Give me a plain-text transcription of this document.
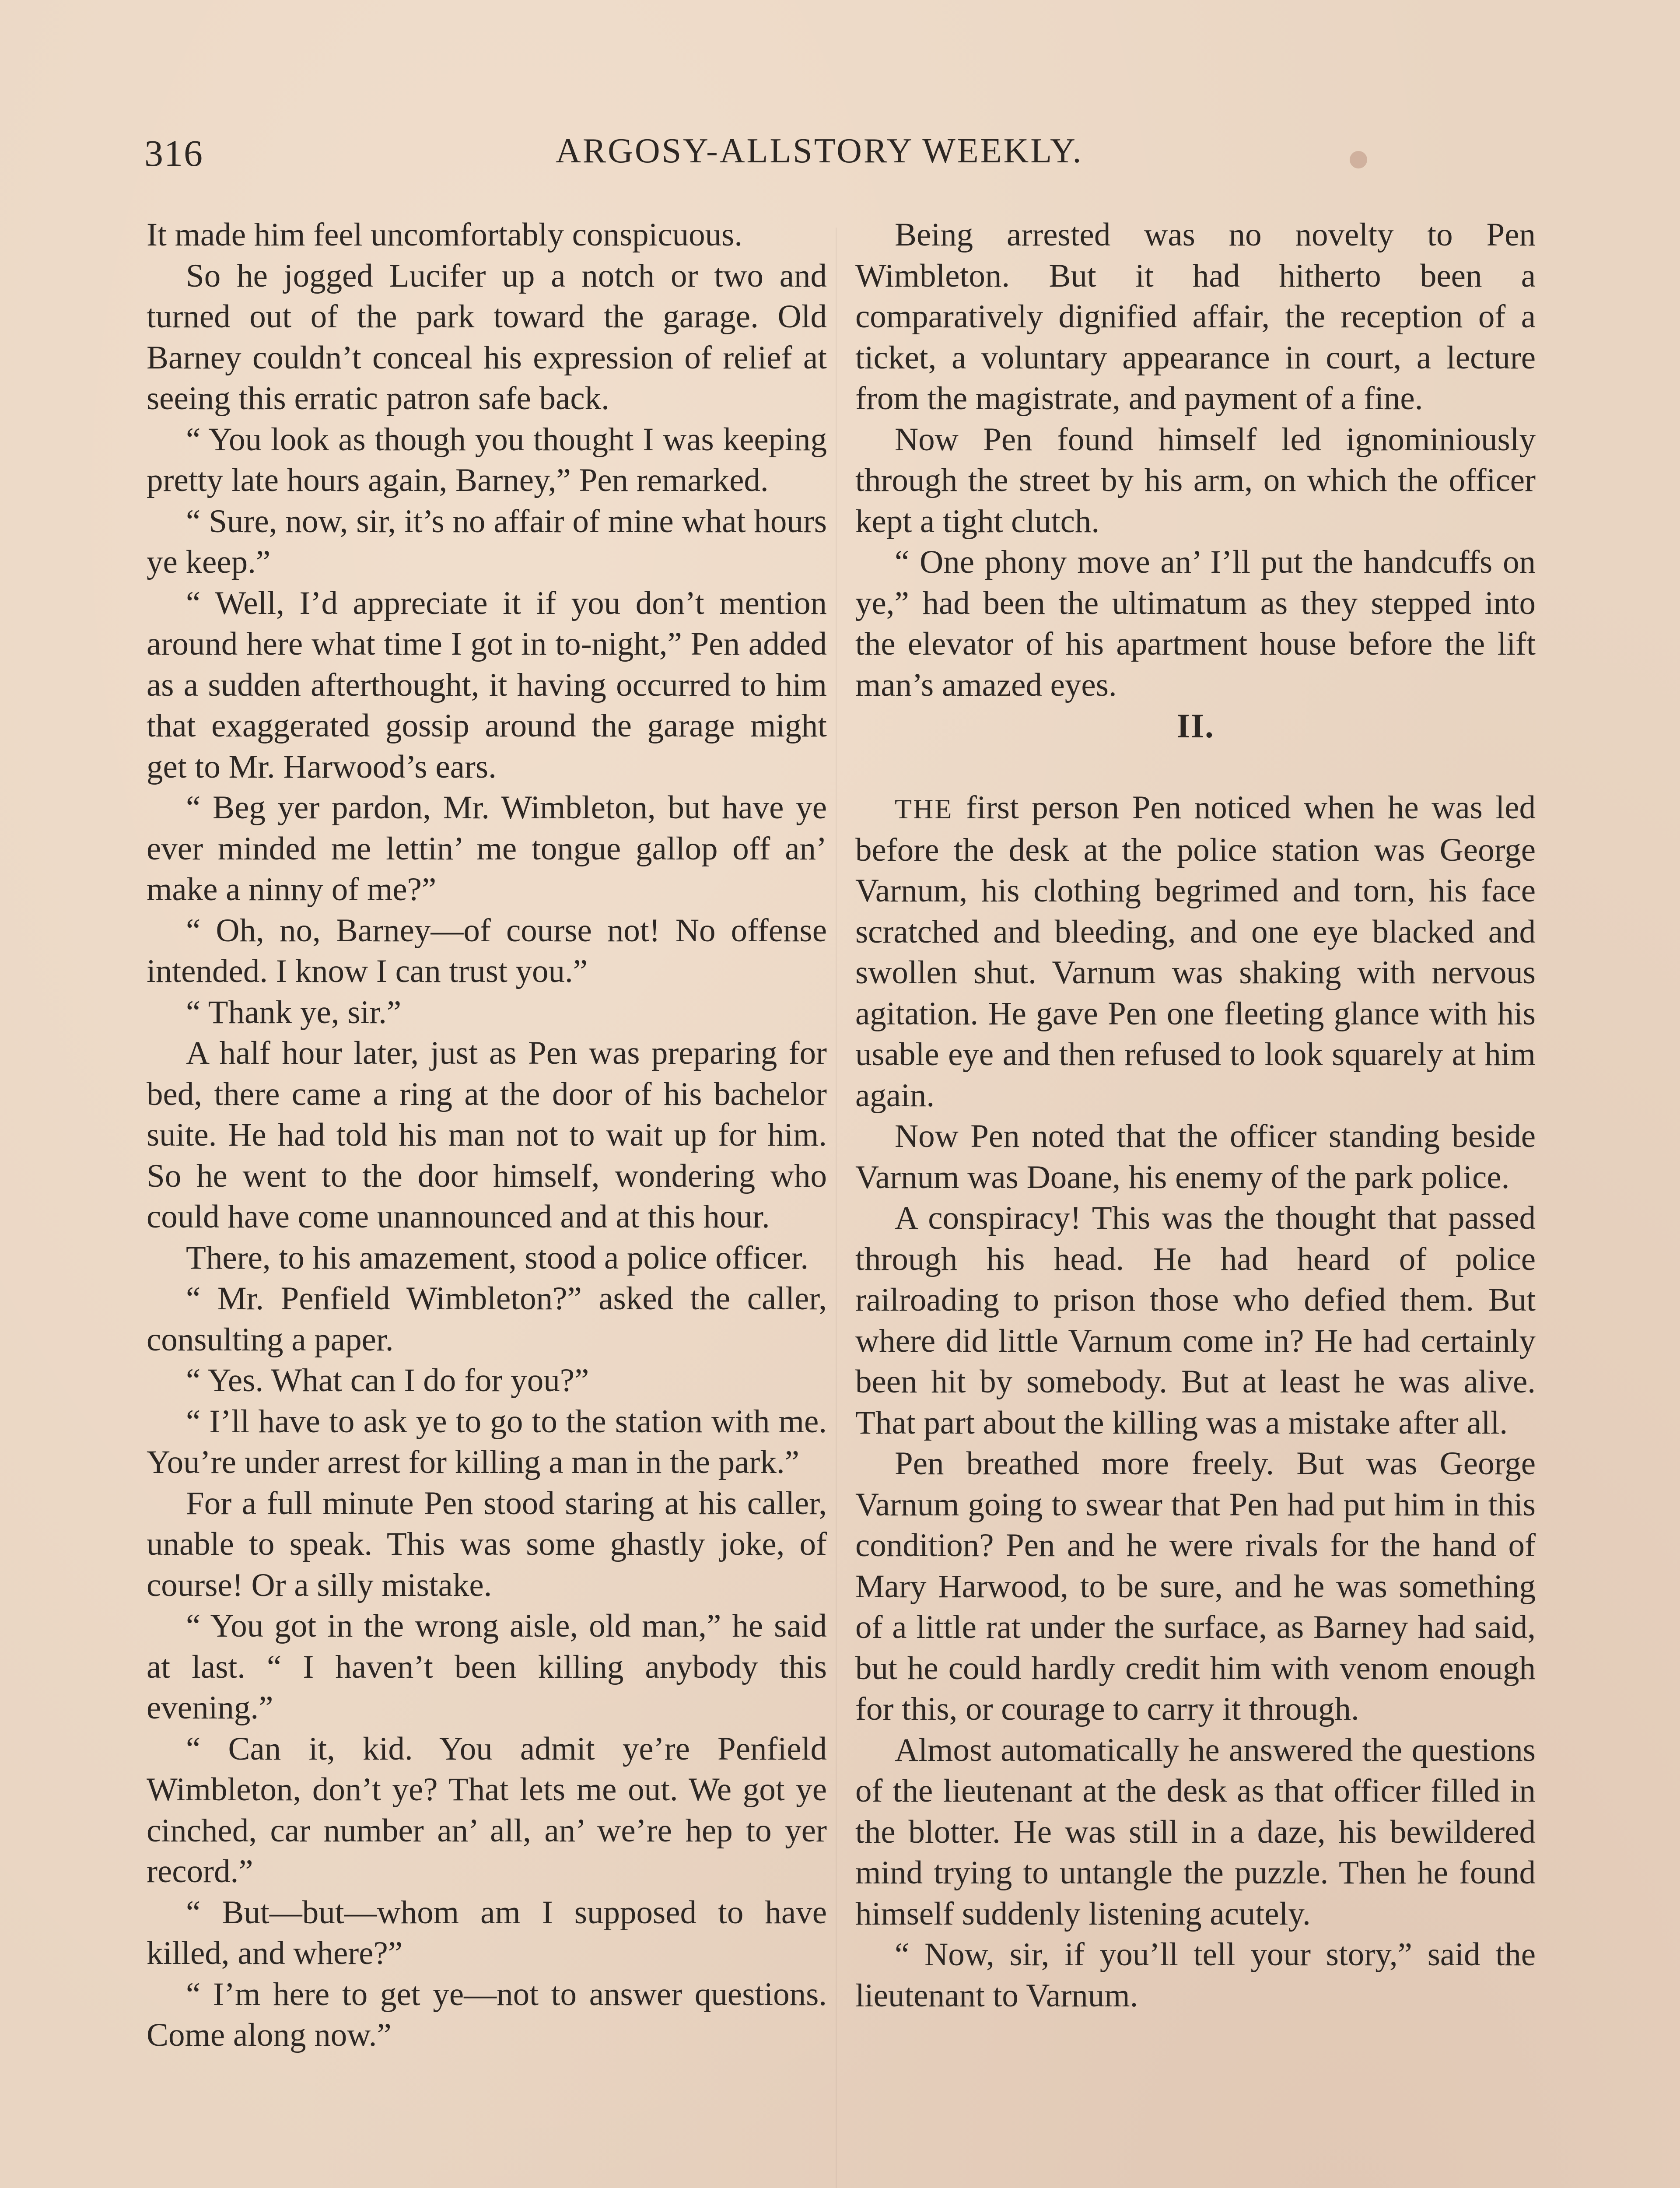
316	ARGOSY-ALLSTORY WEEKLY.

It made him feel uncomfortably conspicuous.

So he jogged Lucifer up a notch or two and turned out of the park toward the garage. Old Barney couldn’t conceal his expression of relief at seeing this erratic patron safe back.

“ You look as though you thought I was keeping pretty late hours again, Barney,” Pen remarked.

“ Sure, now, sir, it’s no affair of mine what hours ye keep.”

“ Well, I’d appreciate it if you don’t mention around here what time I got in to-night,” Pen added as a sudden afterthought, it having occurred to him that exaggerated gossip around the garage might get to Mr. Harwood’s ears.

“ Beg yer pardon, Mr. Wimbleton, but have ye ever minded me lettin’ me tongue gallop off an’ make a ninny of me?”

“ Oh, no, Barney—of course not! No offense intended. I know I can trust you.”

“ Thank ye, sir.”

A half hour later, just as Pen was preparing for bed, there came a ring at the door of his bachelor suite. He had told his man not to wait up for him. So he went to the door himself, wondering who could have come unannounced and at this hour.

There, to his amazement, stood a police officer.

“ Mr. Penfield Wimbleton?” asked the caller, consulting a paper.

“ Yes. What can I do for you?”

“ I’ll have to ask ye to go to the station with me. You’re under arrest for killing a man in the park.”

For a full minute Pen stood staring at his caller, unable to speak. This was some ghastly joke, of course! Or a silly mistake.

“ You got in the wrong aisle, old man,” he said at last. “ I haven’t been killing anybody this evening.”

“ Can it, kid. You admit ye’re Penfield Wimbleton, don’t ye? That lets me out. We got ye cinched, car number an’ all, an’ we’re hep to yer record.”

“ But—but—whom am I supposed to have killed, and where?”

“ I’m here to get ye—not to answer questions. Come along now.”

Being arrested was no novelty to Pen Wimbleton. But it had hitherto been a comparatively dignified affair, the reception of a ticket, a voluntary appearance in court, a lecture from the magistrate, and payment of a fine.

Now Pen found himself led ignominiously through the street by his arm, on which the officer kept a tight clutch.

“ One phony move an’ I’ll put the handcuffs on ye,” had been the ultimatum as they stepped into the elevator of his apartment house before the lift man’s amazed eyes.

II.

THE first person Pen noticed when he was led before the desk at the police station was George Varnum, his clothing begrimed and torn, his face scratched and bleeding, and one eye blacked and swollen shut. Varnum was shaking with nervous agitation. He gave Pen one fleeting glance with his usable eye and then refused to look squarely at him again.

Now Pen noted that the officer standing beside Varnum was Doane, his enemy of the park police.

A conspiracy! This was the thought that passed through his head. He had heard of police railroading to prison those who defied them. But where did little Varnum come in? He had certainly been hit by somebody. But at least he was alive. That part about the killing was a mistake after all.

Pen breathed more freely. But was George Varnum going to swear that Pen had put him in this condition? Pen and he were rivals for the hand of Mary Harwood, to be sure, and he was something of a little rat under the surface, as Barney had said, but he could hardly credit him with venom enough for this, or courage to carry it through.

Almost automatically he answered the questions of the lieutenant at the desk as that officer filled in the blotter. He was still in a daze, his bewildered mind trying to untangle the puzzle. Then he found himself suddenly listening acutely.

“ Now, sir, if you’ll tell your story,” said the lieutenant to Varnum.
